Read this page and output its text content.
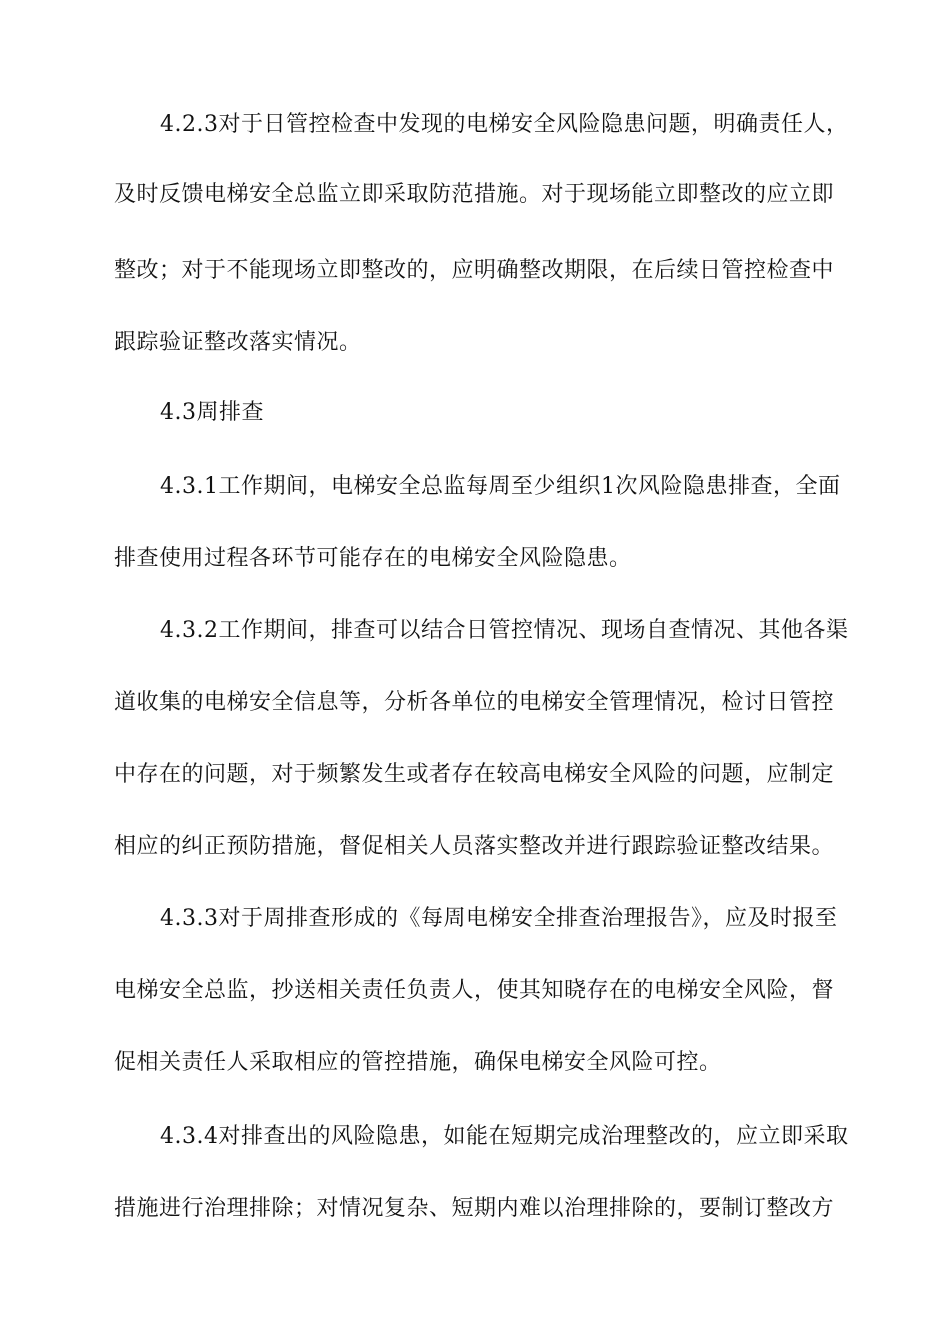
4.2.3对于日管控检查中发现的电梯安全风险隐患问题，明确责任人，
及时反馈电梯安全总监立即采取防范措施。对于现场能立即整改的应立即
整改；对于不能现场立即整改的，应明确整改期限，在后续日管控检查中
跟踪验证整改落实情况。
4.3周排查
4.3.1工作期间，电梯安全总监每周至少组织1次风险隐患排查，全面
排查使用过程各环节可能存在的电梯安全风险隐患。
4.3.2工作期间，排查可以结合日管控情况、现场自查情况、其他各渠
道收集的电梯安全信息等，分析各单位的电梯安全管理情况，检讨日管控
中存在的问题，对于频繁发生或者存在较高电梯安全风险的问题，应制定
相应的纠正预防措施，督促相关人员落实整改并进行跟踪验证整改结果。
4.3.3对于周排查形成的《每周电梯安全排查治理报告》，应及时报至
电梯安全总监，抄送相关责任负责人，使其知晓存在的电梯安全风险，督
促相关责任人采取相应的管控措施，确保电梯安全风险可控。
4.3.4对排查出的风险隐患，如能在短期完成治理整改的，应立即采取
措施进行治理排除；对情况复杂、短期内难以治理排除的，要制订整改方
